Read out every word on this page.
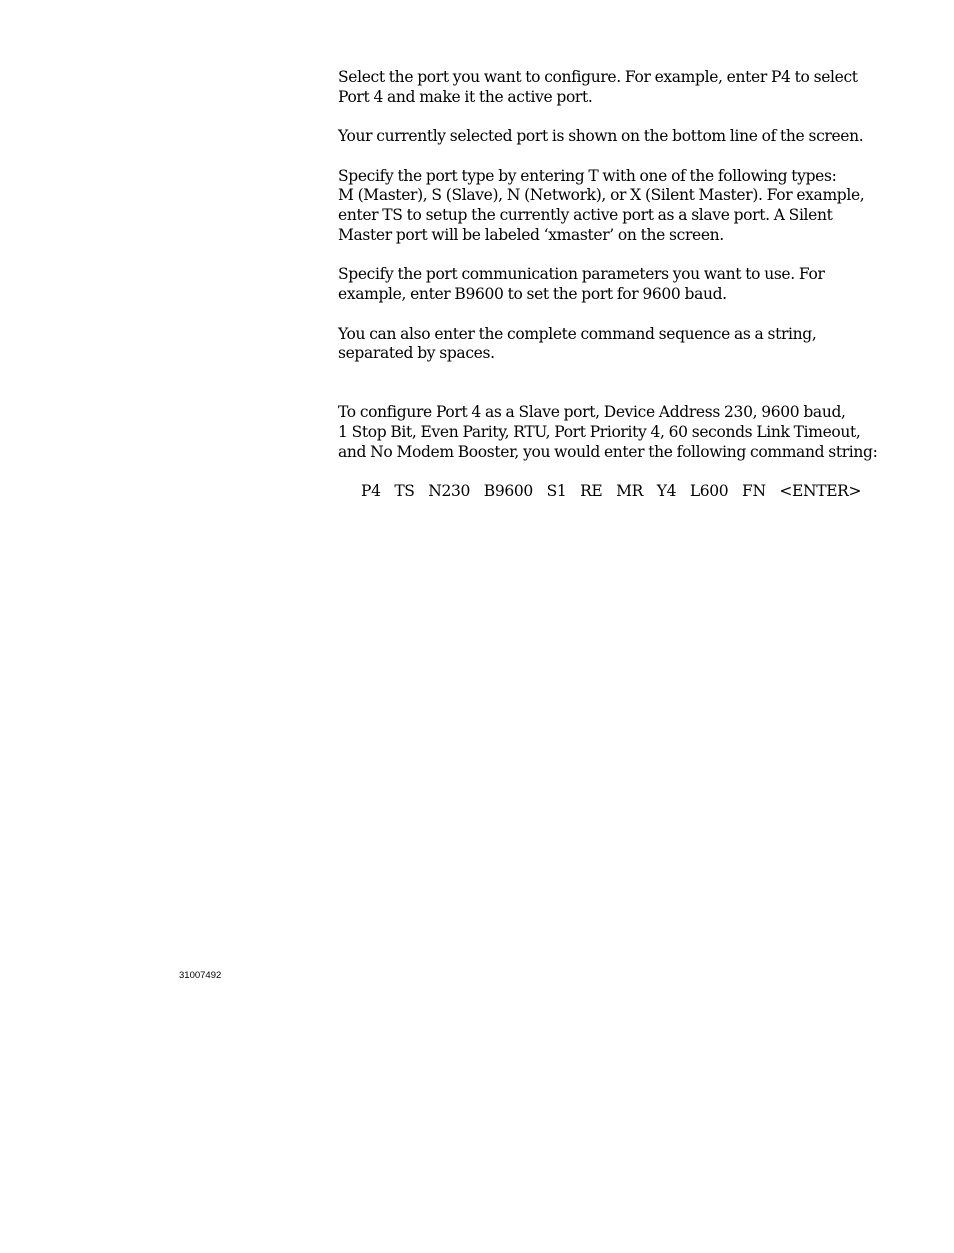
Select the port you want to configure. For example, enter P4 to select
Port 4 and make it the active port.

Your currently selected port is shown on the bottom line of the screen.

Specify the port type by entering T with one of the following types:
M (Master), S (Slave), N (Network), or X (Silent Master). For example,
enter TS to setup the currently active port as a slave port. A Silent
Master port will be labeled ‘xmaster’ on the screen.

Specify the port communication parameters you want to use. For
example, enter B9600 to set the port for 9600 baud.

You can also enter the complete command sequence as a string,
separated by spaces.

To configure Port 4 as a Slave port, Device Address 230, 9600 baud,
1 Stop Bit, Even Parity, RTU, Port Priority 4, 60 seconds Link Timeout,
and No Modem Booster, you would enter the following command string:

P4   TS   N230   B9600   S1   RE   MR   Y4   L600   FN   <ENTER>
31007492
